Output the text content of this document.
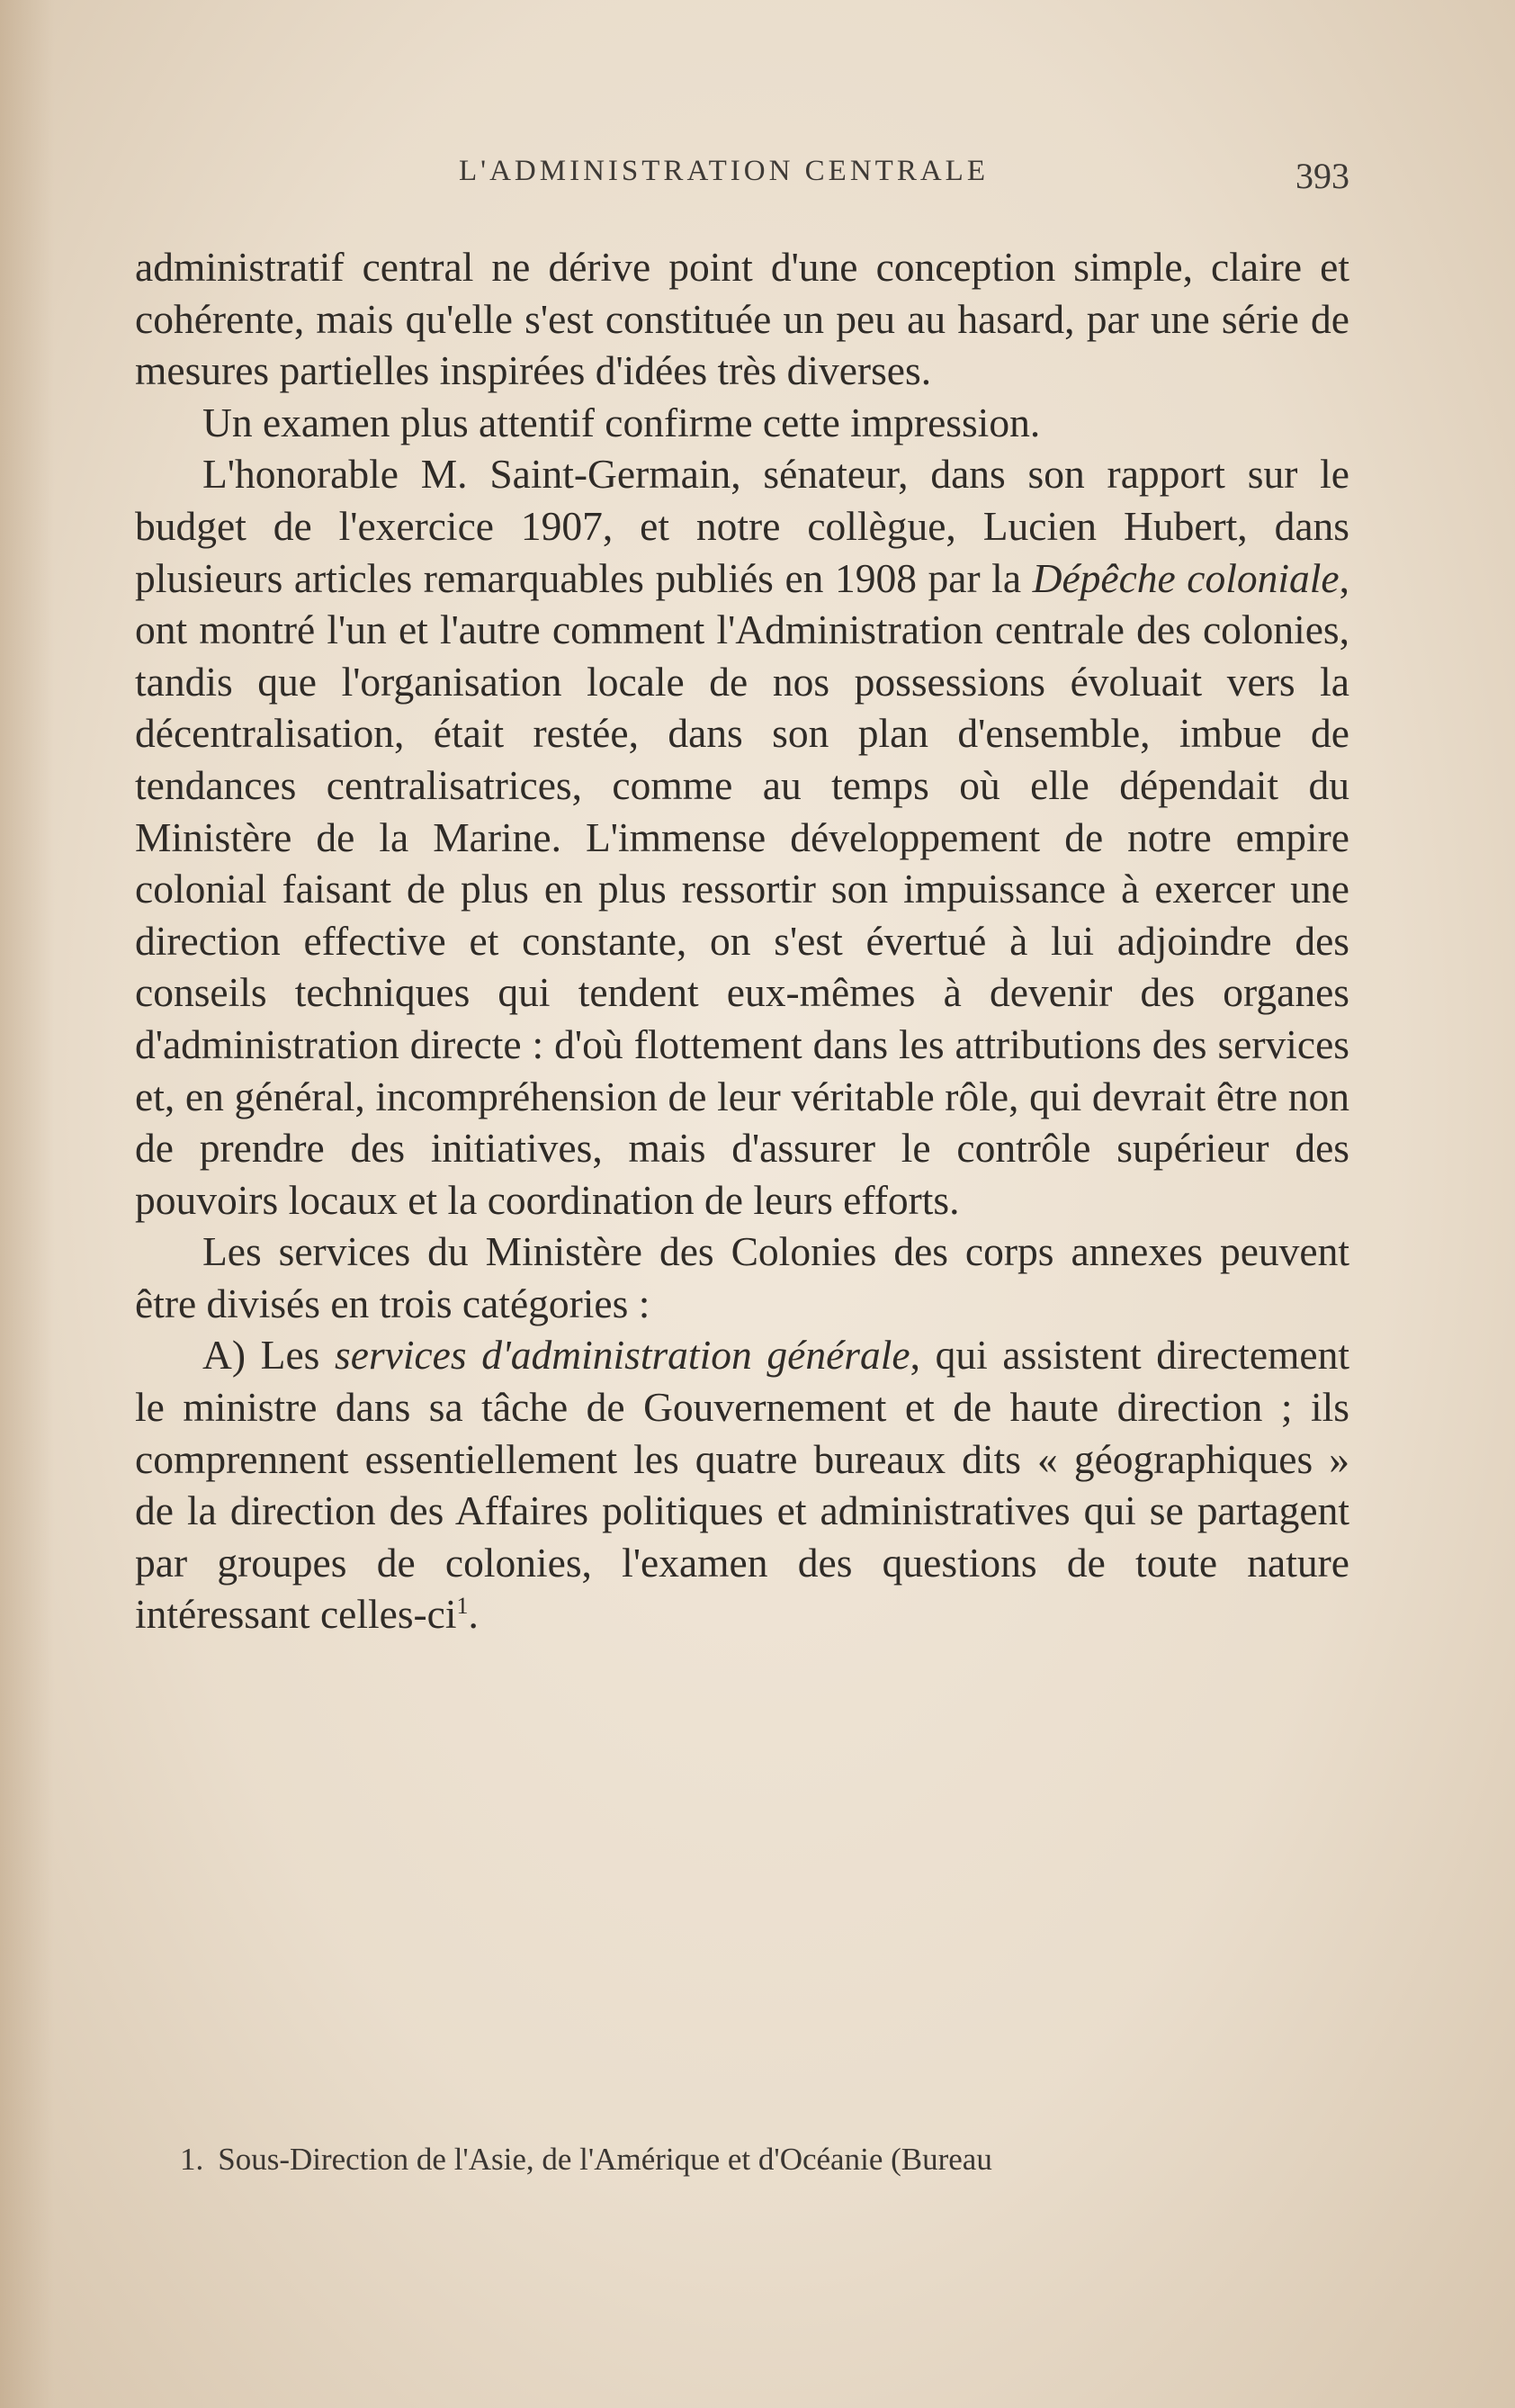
L'ADMINISTRATION CENTRALE	393

administratif central ne dérive point d'une conception simple, claire et cohérente, mais qu'elle s'est constituée un peu au hasard, par une série de mesures partielles inspirées d'idées très diverses.

Un examen plus attentif confirme cette impression.

L'honorable M. Saint-Germain, sénateur, dans son rapport sur le budget de l'exercice 1907, et notre collègue, Lucien Hubert, dans plusieurs articles remarquables publiés en 1908 par la Dépêche coloniale, ont montré l'un et l'autre comment l'Administration centrale des colonies, tandis que l'organisation locale de nos possessions évoluait vers la décentralisation, était restée, dans son plan d'ensemble, imbue de tendances centralisatrices, comme au temps où elle dépendait du Ministère de la Marine. L'immense développement de notre empire colonial faisant de plus en plus ressortir son impuissance à exercer une direction effective et constante, on s'est évertué à lui adjoindre des conseils techniques qui tendent eux-mêmes à devenir des organes d'administration directe : d'où flottement dans les attributions des services et, en général, incompréhension de leur véritable rôle, qui devrait être non de prendre des initiatives, mais d'assurer le contrôle supérieur des pouvoirs locaux et la coordination de leurs efforts.

Les services du Ministère des Colonies des corps annexes peuvent être divisés en trois catégories :

A) Les services d'administration générale, qui assistent directement le ministre dans sa tâche de Gouvernement et de haute direction ; ils comprennent essentiellement les quatre bureaux dits « géographiques » de la direction des Affaires politiques et administratives qui se partagent par groupes de colonies, l'examen des questions de toute nature intéressant celles-ci$^1$.

1. Sous-Direction de l'Asie, de l'Amérique et d'Océanie (Bureau
